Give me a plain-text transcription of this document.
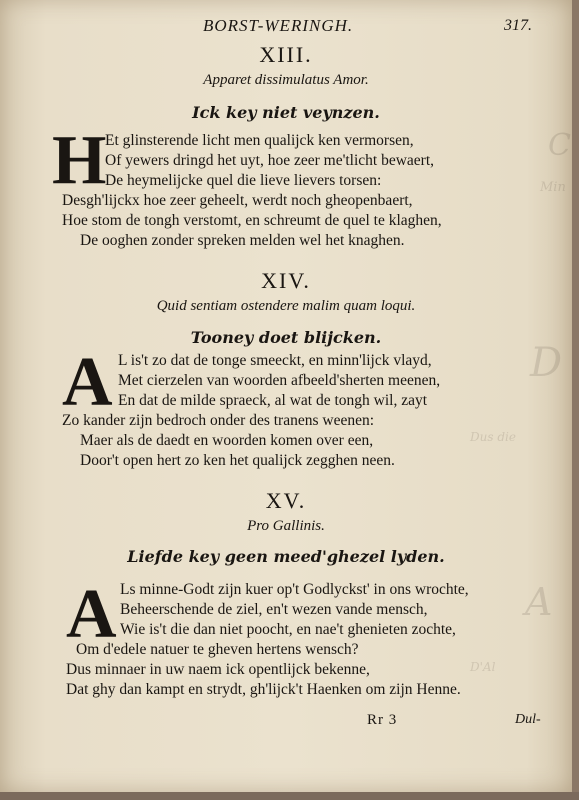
C
Min
D
Dus die
A
D'Al
BORST-WERINGH.	317.
XIII.
Apparet dissimulatus Amor.
Ick key niet veynzen.
H
Et glinsterende licht men qualijck ken vermorsen,
Of yewers dringd het uyt, hoe zeer me'tlicht bewaert,
De heymelijcke quel die lieve lievers torsen:
Desgh'lijckx hoe zeer geheelt, werdt noch gheopenbaert,
Hoe stom de tongh verstomt, en schreumt de quel te klaghen,
De ooghen zonder spreken melden wel het knaghen.
XIV.
Quid sentiam ostendere malim quam loqui.
Tooney doet blijcken.
A L is't zo dat de tonge smeeckt, en minn'lijck vlayd,
Met cierzelen van woorden afbeeld'sherten meenen,
En dat de milde spraeck, al wat de tongh wil, zayt
Zo kander zijn bedroch onder des tranens weenen:
Maer als de daedt en woorden komen over een,
Door't open hert zo ken het qualijck zegghen neen.
XV.
Pro Gallinis.
Liefde key geen meed'ghezel lyden.
A Ls minne-Godt zijn kuer op't Godlyckst' in ons wrochte,
Beheerschende de ziel, en't wezen vande mensch,
Wie is't die dan niet poocht, en nae't ghenieten zochte,
Om d'edele natuer te gheven hertens wensch?
Dus minnaer in uw naem ick opentlijck bekenne,
Dat ghy dan kampt en strydt, gh'lijck't Haenken om zijn Henne.
Rr 3	Dul-
